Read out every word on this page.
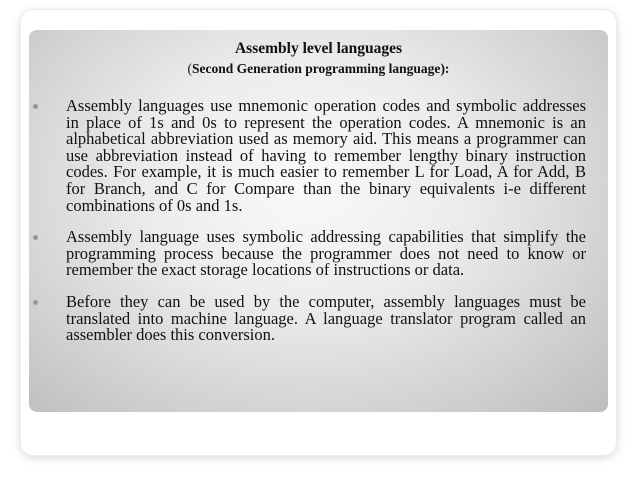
Assembly level languages

(Second Generation programming language):

Assembly languages use mnemonic operation codes and symbolic addresses in place of 1s and 0s to represent the operation codes. A mnemonic is an alphabetical abbreviation used as memory aid. This means a programmer can use abbreviation instead of having to remember lengthy binary instruction codes. For example, it is much easier to remember L for Load, A for Add, B for Branch, and C for Compare than the binary equivalents i-e different combinations of 0s and 1s.
Assembly language uses symbolic addressing capabilities that simplify the programming process because the programmer does not need to know or remember the exact storage locations of instructions or data.
Before they can be used by the computer, assembly languages must be translated into machine language. A language translator program called an assembler does this conversion.
